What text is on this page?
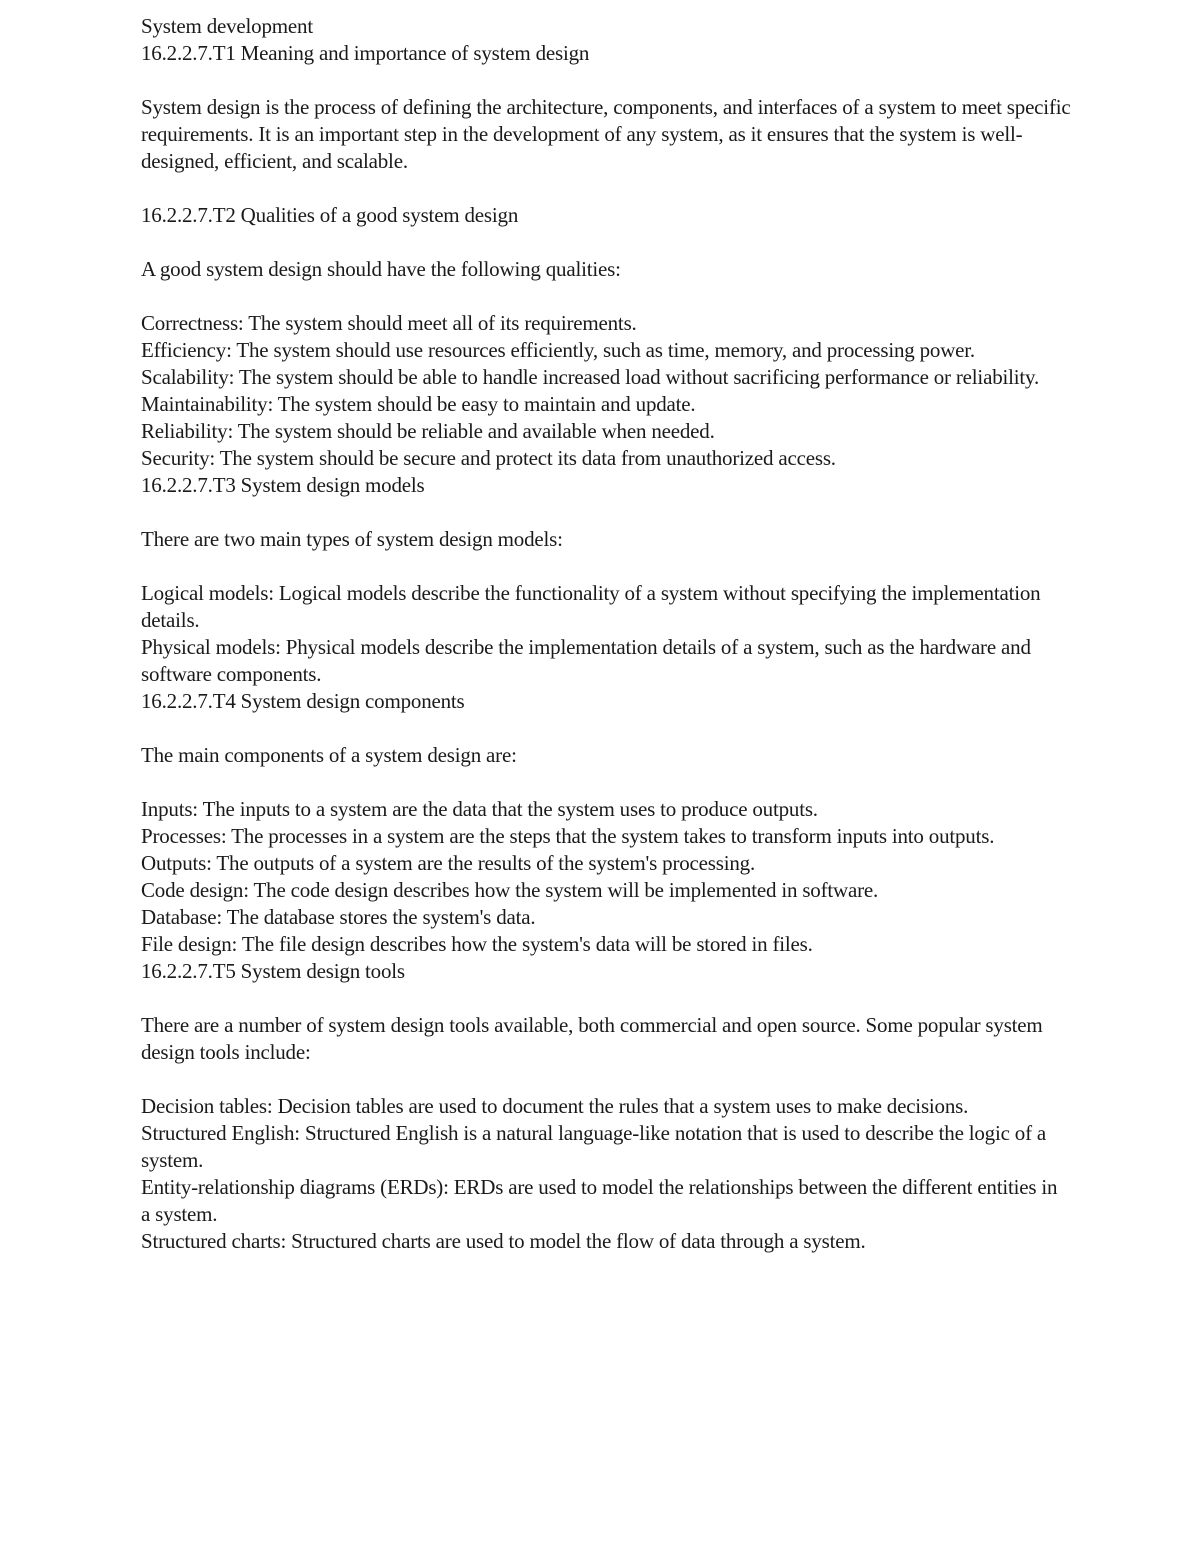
System development

16.2.2.7.T1 Meaning and importance of system design

System design is the process of defining the architecture, components, and interfaces of a system to meet specific requirements. It is an important step in the development of any system, as it ensures that the system is well-designed, efficient, and scalable.

16.2.2.7.T2 Qualities of a good system design

A good system design should have the following qualities:

Correctness: The system should meet all of its requirements.

Efficiency: The system should use resources efficiently, such as time, memory, and processing power.

Scalability: The system should be able to handle increased load without sacrificing performance or reliability.

Maintainability: The system should be easy to maintain and update.

Reliability: The system should be reliable and available when needed.

Security: The system should be secure and protect its data from unauthorized access.

16.2.2.7.T3 System design models

There are two main types of system design models:

Logical models: Logical models describe the functionality of a system without specifying the implementation details.

Physical models: Physical models describe the implementation details of a system, such as the hardware and software components.

16.2.2.7.T4 System design components

The main components of a system design are:

Inputs: The inputs to a system are the data that the system uses to produce outputs.

Processes: The processes in a system are the steps that the system takes to transform inputs into outputs.

Outputs: The outputs of a system are the results of the system's processing.

Code design: The code design describes how the system will be implemented in software.

Database: The database stores the system's data.

File design: The file design describes how the system's data will be stored in files.

16.2.2.7.T5 System design tools

There are a number of system design tools available, both commercial and open source. Some popular system design tools include:

Decision tables: Decision tables are used to document the rules that a system uses to make decisions.

Structured English: Structured English is a natural language-like notation that is used to describe the logic of a system.

Entity-relationship diagrams (ERDs): ERDs are used to model the relationships between the different entities in a system.

Structured charts: Structured charts are used to model the flow of data through a system.
